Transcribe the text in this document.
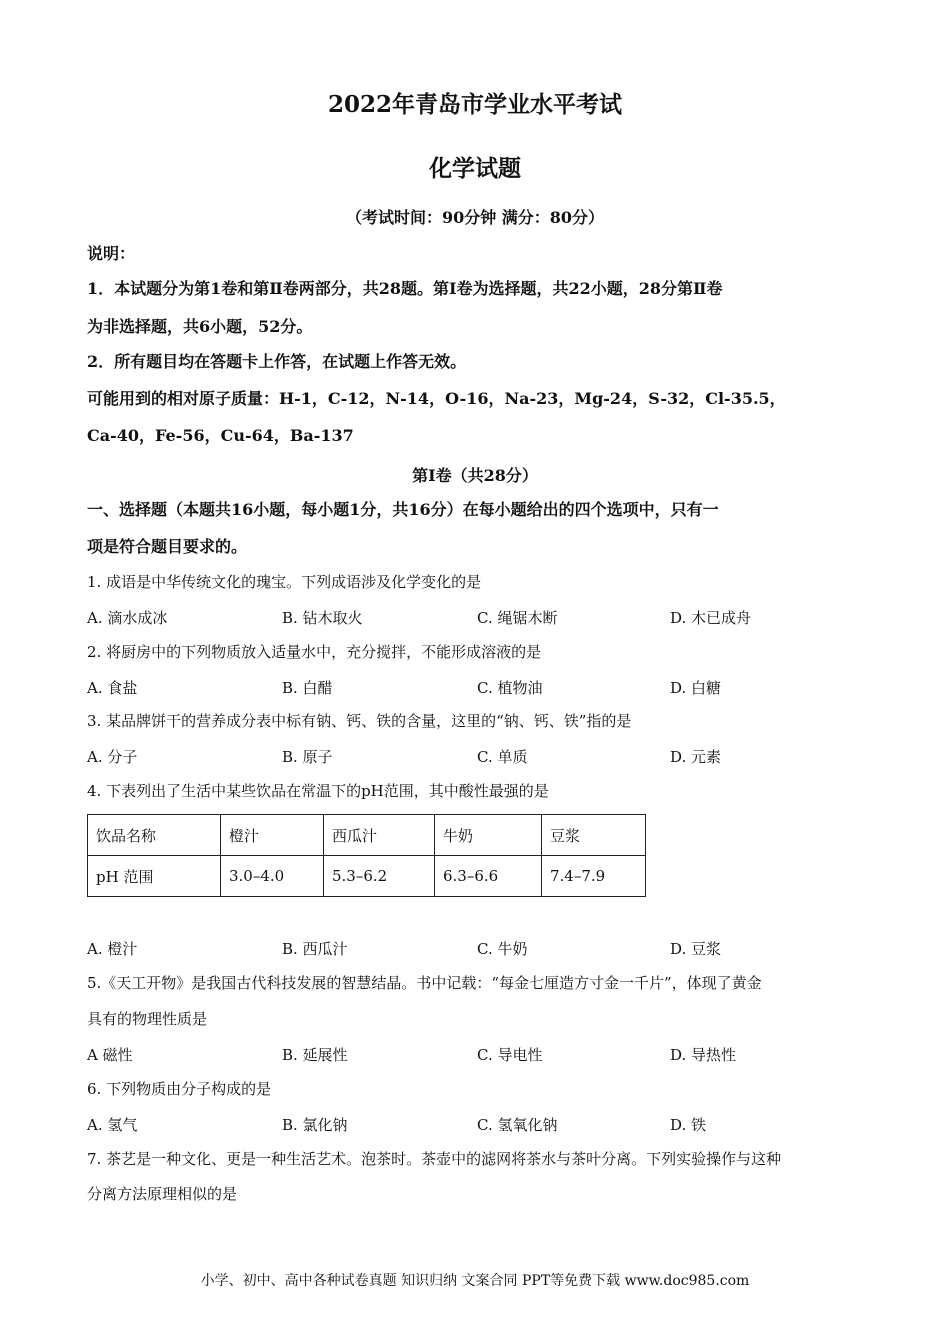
2022年青岛市学业水平考试
化学试题
（考试时间：90分钟 满分：80分）
说明：
1．本试题分为第1卷和第Ⅱ卷两部分，共28题。第I卷为选择题，共22小题，28分第Ⅱ卷
为非选择题，共6小题，52分。
2．所有题目均在答题卡上作答，在试题上作答无效。
可能用到的相对原子质量：H-1，C-12，N-14，O-16，Na-23，Mg-24，S-32，Cl-35.5，
Ca-40，Fe-56，Cu-64，Ba-137
第I卷（共28分）
一、选择题（本题共16小题，每小题1分，共16分）在每小题给出的四个选项中，只有一
项是符合题目要求的。
1. 成语是中华传统文化的瑰宝。下列成语涉及化学变化的是
A. 滴水成冰	B. 钻木取火	C. 绳锯木断	D. 木已成舟
2. 将厨房中的下列物质放入适量水中，充分搅拌，不能形成溶液的是
A. 食盐	B. 白醋	C. 植物油	D. 白糖
3. 某品牌饼干的营养成分表中标有钠、钙、铁的含量，这里的“钠、钙、铁”指的是
A. 分子	B. 原子	C. 单质	D. 元素
4. 下表列出了生活中某些饮品在常温下的pH范围，其中酸性最强的是
饮品名称	橙汁	西瓜汁	牛奶	豆浆
pH 范围	3.0–4.0	5.3–6.2	6.3–6.6	7.4–7.9
A. 橙汁	B. 西瓜汁	C. 牛奶	D. 豆浆
5.《天工开物》是我国古代科技发展的智慧结晶。书中记载：“每金七厘造方寸金一千片”，体现了黄金
具有的物理性质是
A 磁性	B. 延展性	C. 导电性	D. 导热性
6. 下列物质由分子构成的是
A. 氢气	B. 氯化钠	C. 氢氧化钠	D. 铁
7. 茶艺是一种文化、更是一种生活艺术。泡茶时。茶壶中的滤网将茶水与茶叶分离。下列实验操作与这种
分离方法原理相似的是
小学、初中、高中各种试卷真题 知识归纳 文案合同 PPT等免费下载 www.doc985.com
